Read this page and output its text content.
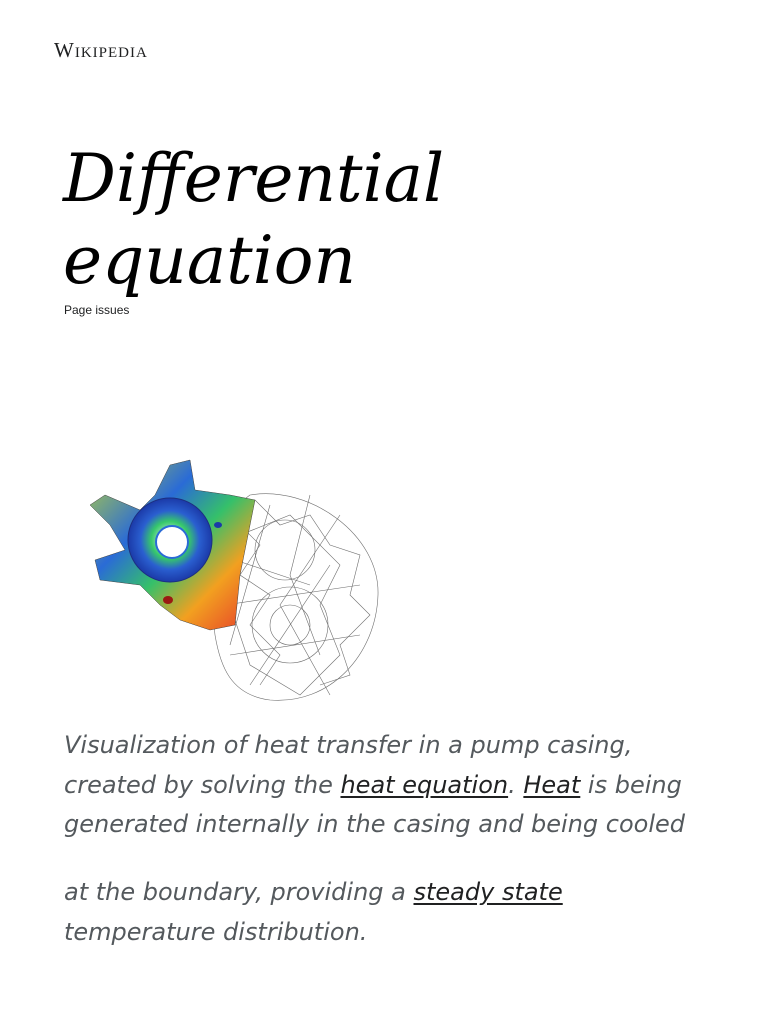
Wikipedia
Differential
equation
Page issues

Visualization of heat transfer in a pump casing, created by solving the heat equation. Heat is being generated internally in the casing and being cooled

at the boundary, providing a steady state temperature distribution.
